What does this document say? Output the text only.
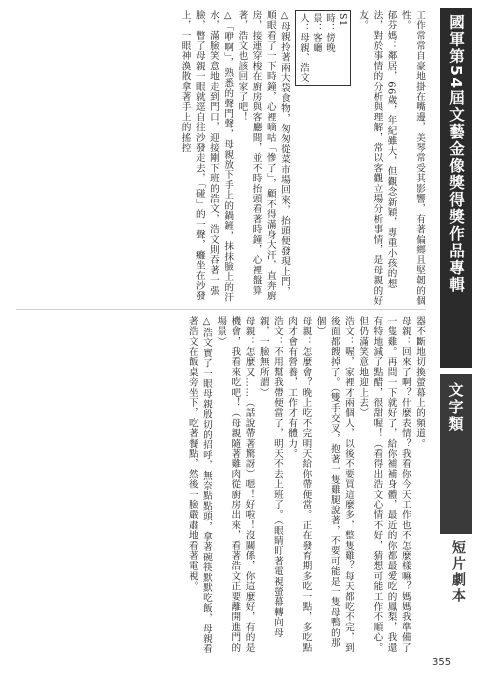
國軍第54屆文藝金像獎得獎作品專輯
文字類
短片劇本

工作常常自豪地掛在嘴邊，美琴常受其影響，有著偏鄉且堅韌的個性。

郁芬媽：鄰居，66歲，年紀雖大，但觀念新穎，專重小孩的想法，對於事情的分析與理解，常以客觀立場分析事情，是母親的好友。

S1
時：傍晚
景：客廳
人：母親、浩文

△母親拎著兩大袋食物，匆匆從菜市場回來，抬頭便發現上門，順眼看了一下時鐘，心裡嘀咕「慘了」，顧不得滿身大汗，直奔廚房，接連穿梭在廚房與客廳間，並不時抬頭看著時鐘，心裡盤算著，浩文也該回家了吧！

△「咿啊」，熟悉的聲門聲，母親放下手上的鍋鏟，抹抹臉上的汗水，滿臉笑意地走到門口，迎接剛下班的浩文，浩文則吞著一張臉，瞥了母親一眼就逕自往沙發走去，「碰」的一聲，癱坐在沙發上，一眼神渙散拿著手上的搖控

器不斷地切換螢幕上的頻道。

母親：回來了啊？什麼表情？我看你今天工作也不怎麼樣嘛？媽媽我準備了一隻雞。再問一下就好了，給你補補身體，最近的你都最愛吃的鳳梨，我還有特地減了點醋，很甜喔！（看得出浩文心情不好，猜想可能工作不順心。但仍滿笑意地迎上去）

浩文：喔，家裡才兩個人，以後不要買這麼多，整隻雞？每天都吃不完，到後面都餿掉了。（雙手交叉，抱著一隻雞腿說著，不要可能是一隻母鴨的那個）

母親：怎麼會？晚上吃不完明天給你帶便當。正在發育期多吃一點，多吃點肉才會有營養，工作才有體力。

浩文：不用幫我帶便當了，明天不去上班了。（眼睛盯著電視螢幕轉向母親，一臉無所謂）

母親：怎麼又……（話說帶著驚訝）嗯！好啦！沒關係，你這麼好，有的是機會，我看來吃吧！（母親隨著雞肉從廚房出來，看著浩文正要離開進門的場景）

△浩文實了一眼母親殷切的招呼，無奈點點頭，拿著碗筷默默吃飯，母親看著浩文在飯桌旁坐下，吃著餐點，然後一臉嚴肅地看著電視。

355
